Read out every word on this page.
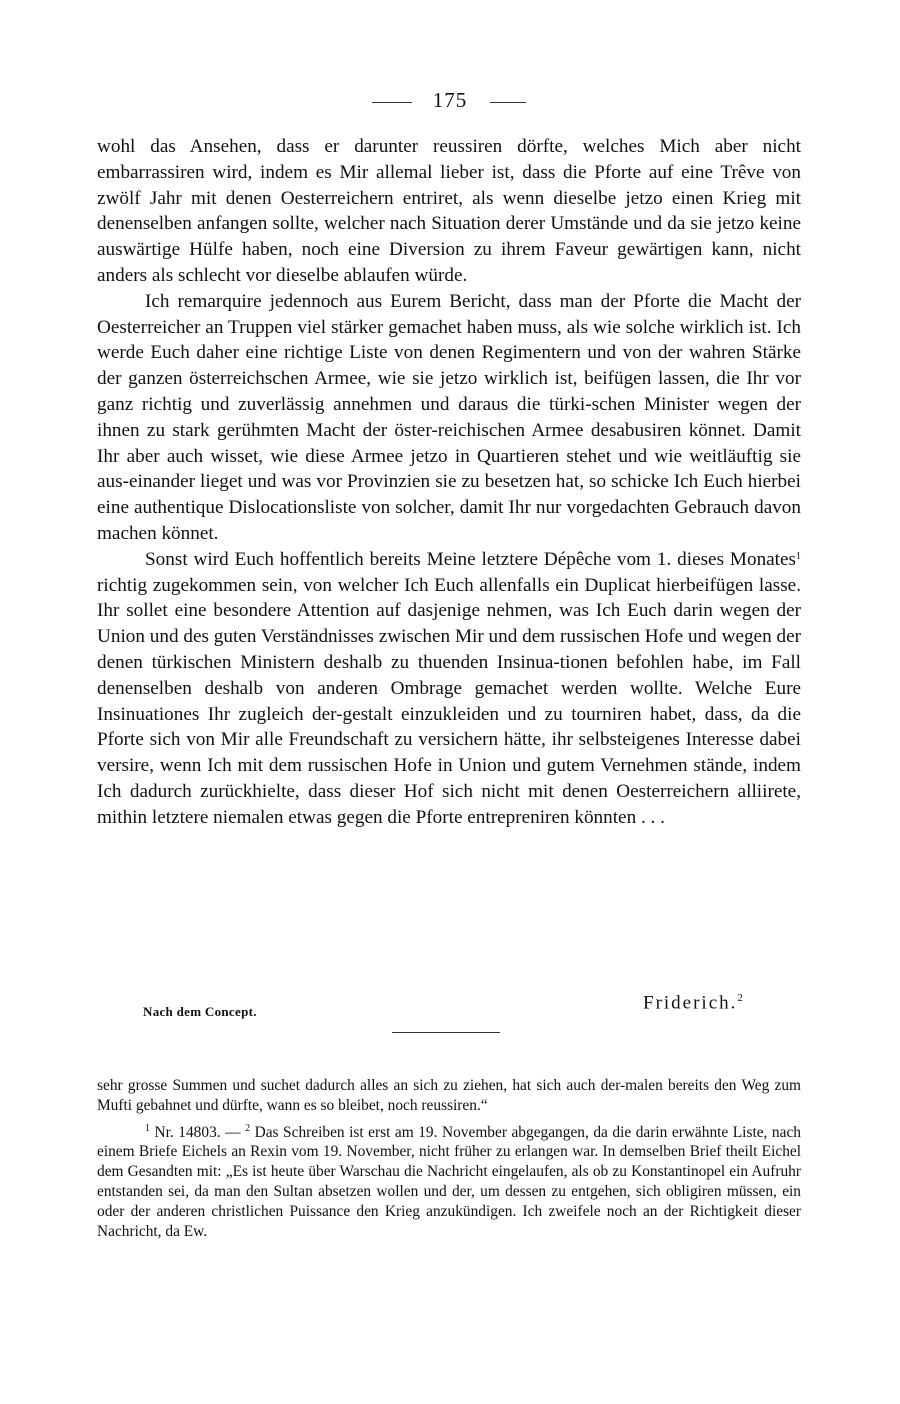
175

wohl das Ansehen, dass er darunter reussiren dörfte, welches Mich aber nicht embarrassiren wird, indem es Mir allemal lieber ist, dass die Pforte auf eine Trêve von zwölf Jahr mit denen Oesterreichern entriret, als wenn dieselbe jetzo einen Krieg mit denenselben anfangen sollte, welcher nach Situation derer Umstände und da sie jetzo keine auswärtige Hülfe haben, noch eine Diversion zu ihrem Faveur gewärtigen kann, nicht anders als schlecht vor dieselbe ablaufen würde.

Ich remarquire jedennoch aus Eurem Bericht, dass man der Pforte die Macht der Oesterreicher an Truppen viel stärker gemachet haben muss, als wie solche wirklich ist. Ich werde Euch daher eine richtige Liste von denen Regimentern und von der wahren Stärke der ganzen österreichschen Armee, wie sie jetzo wirklich ist, beifügen lassen, die Ihr vor ganz richtig und zuverlässig annehmen und daraus die türki-schen Minister wegen der ihnen zu stark gerühmten Macht der öster-reichischen Armee desabusiren könnet. Damit Ihr aber auch wisset, wie diese Armee jetzo in Quartieren stehet und wie weitläuftig sie aus-einander lieget und was vor Provinzien sie zu besetzen hat, so schicke Ich Euch hierbei eine authentique Dislocationsliste von solcher, damit Ihr nur vorgedachten Gebrauch davon machen könnet.

Sonst wird Euch hoffentlich bereits Meine letztere Dépêche vom 1. dieses Monates$^1$ richtig zugekommen sein, von welcher Ich Euch allenfalls ein Duplicat hierbeifügen lasse. Ihr sollet eine besondere Attention auf dasjenige nehmen, was Ich Euch darin wegen der Union und des guten Verständnisses zwischen Mir und dem russischen Hofe und wegen der denen türkischen Ministern deshalb zu thuenden Insinua-tionen befohlen habe, im Fall denenselben deshalb von anderen Ombrage gemachet werden wollte. Welche Eure Insinuationes Ihr zugleich der-gestalt einzukleiden und zu tourniren habet, dass, da die Pforte sich von Mir alle Freundschaft zu versichern hätte, ihr selbsteigenes Interesse dabei versire, wenn Ich mit dem russischen Hofe in Union und gutem Vernehmen stände, indem Ich dadurch zurückhielte, dass dieser Hof sich nicht mit denen Oesterreichern alliirete, mithin letztere niemalen etwas gegen die Pforte entrepreniren könnten . . .

Nach dem Concept.	Friderich.$^2$

sehr grosse Summen und suchet dadurch alles an sich zu ziehen, hat sich auch der-malen bereits den Weg zum Mufti gebahnet und dürfte, wann es so bleibet, noch reussiren.“

$^1$ Nr. 14803. — $^2$ Das Schreiben ist erst am 19. November abgegangen, da die darin erwähnte Liste, nach einem Briefe Eichels an Rexin vom 19. November, nicht früher zu erlangen war. In demselben Brief theilt Eichel dem Gesandten mit: „Es ist heute über Warschau die Nachricht eingelaufen, als ob zu Konstantinopel ein Aufruhr entstanden sei, da man den Sultan absetzen wollen und der, um dessen zu entgehen, sich obligiren müssen, ein oder der anderen christlichen Puissance den Krieg anzukündigen. Ich zweifele noch an der Richtigkeit dieser Nachricht, da Ew.
